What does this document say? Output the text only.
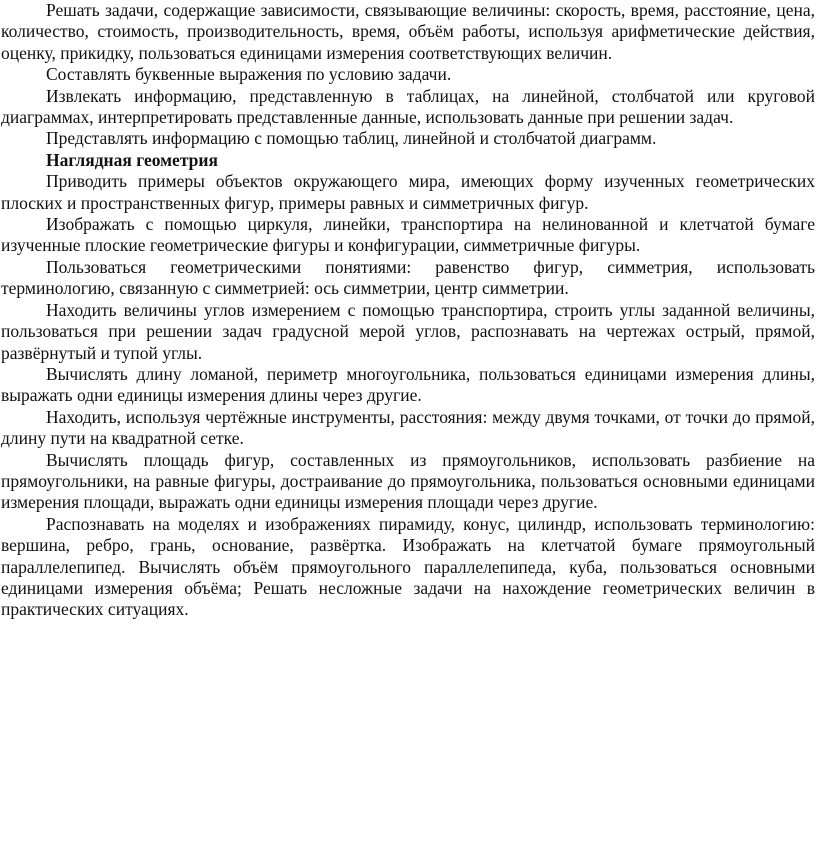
Решать задачи, содержащие зависимости, связывающие величины: скорость, время, расстояние, цена, количество, стоимость, производительность, время, объём работы, используя арифметические действия, оценку, прикидку, пользоваться единицами измерения соответствующих величин.

Составлять буквенные выражения по условию задачи.

Извлекать информацию, представленную в таблицах, на линейной, столбчатой или круговой диаграммах, интерпретировать представленные данные, использовать данные при решении задач.

Представлять информацию с помощью таблиц, линейной и столбчатой диаграмм.

Наглядная геометрия

Приводить примеры объектов окружающего мира, имеющих форму изученных геометрических плоских и пространственных фигур, примеры равных и симметричных фигур.

Изображать с помощью циркуля, линейки, транспортира на нелинованной и клетчатой бумаге изученные плоские геометрические фигуры и конфигурации, симметричные фигуры.

Пользоваться геометрическими понятиями: равенство фигур, симметрия, использовать терминологию, связанную с симметрией: ось симметрии, центр симметрии.

Находить величины углов измерением с помощью транспортира, строить углы заданной величины, пользоваться при решении задач градусной мерой углов, распознавать на чертежах острый, прямой, развёрнутый и тупой углы.

Вычислять длину ломаной, периметр многоугольника, пользоваться единицами измерения длины, выражать одни единицы измерения длины через другие.

Находить, используя чертёжные инструменты, расстояния: между двумя точками, от точки до прямой, длину пути на квадратной сетке.

Вычислять площадь фигур, составленных из прямоугольников, использовать разбиение на прямоугольники, на равные фигуры, достраивание до прямоугольника, пользоваться основными единицами измерения площади, выражать одни единицы измерения площади через другие.

Распознавать на моделях и изображениях пирамиду, конус, цилиндр, использовать терминологию: вершина, ребро, грань, основание, развёртка. Изображать на клетчатой бумаге прямоугольный параллелепипед. Вычислять объём прямоугольного параллелепипеда, куба, пользоваться основными единицами измерения объёма; Решать несложные задачи на нахождение геометрических величин в практических ситуациях.
